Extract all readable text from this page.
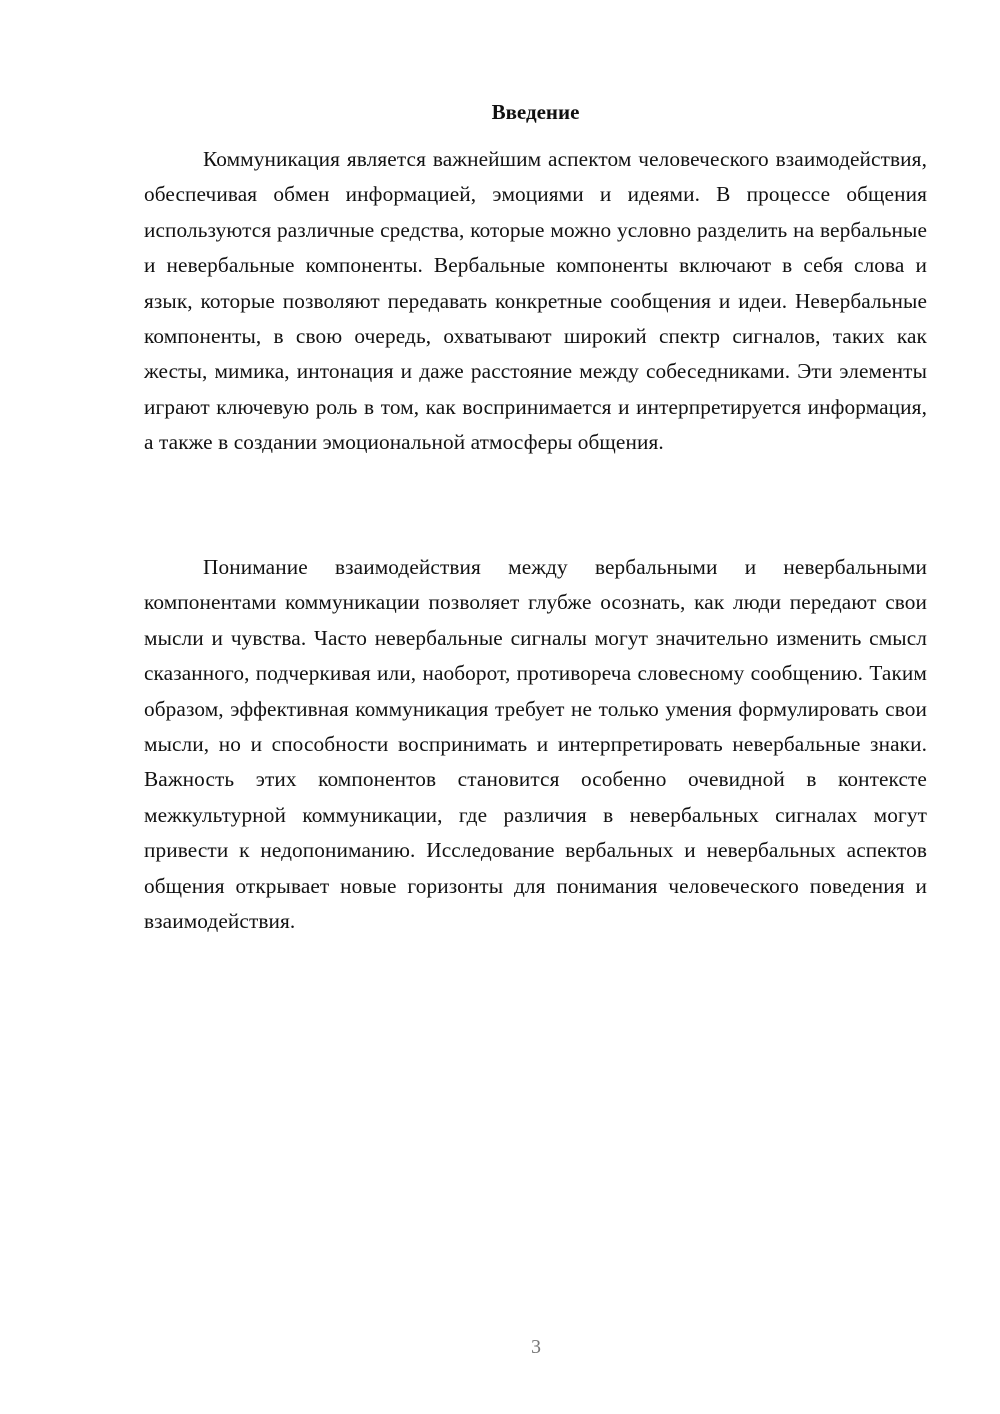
Введение

Коммуникация является важнейшим аспектом человеческого взаимодействия, обеспечивая обмен информацией, эмоциями и идеями. В процессе общения используются различные средства, которые можно условно разделить на вербальные и невербальные компоненты. Вербальные компоненты включают в себя слова и язык, которые позволяют передавать конкретные сообщения и идеи. Невербальные компоненты, в свою очередь, охватывают широкий спектр сигналов, таких как жесты, мимика, интонация и даже расстояние между собеседниками. Эти элементы играют ключевую роль в том, как воспринимается и интерпретируется информация, а также в создании эмоциональной атмосферы общения.

Понимание взаимодействия между вербальными и невербальными компонентами коммуникации позволяет глубже осознать, как люди передают свои мысли и чувства. Часто невербальные сигналы могут значительно изменить смысл сказанного, подчеркивая или, наоборот, противореча словесному сообщению. Таким образом, эффективная коммуникация требует не только умения формулировать свои мысли, но и способности воспринимать и интерпретировать невербальные знаки. Важность этих компонентов становится особенно очевидной в контексте межкультурной коммуникации, где различия в невербальных сигналах могут привести к недопониманию. Исследование вербальных и невербальных аспектов общения открывает новые горизонты для понимания человеческого поведения и взаимодействия.

3
